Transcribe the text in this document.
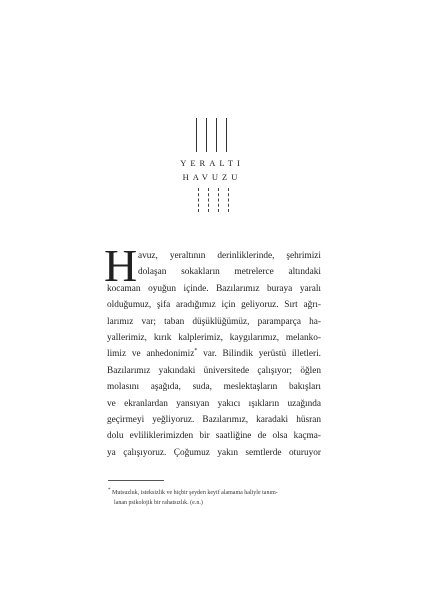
YERALTI
HAVUZU
H avuz, yeraltının derinliklerinde, şehrimizi
dolaşan sokakların metrelerce altındaki
kocaman oyuğun içinde. Bazılarımız buraya yaralı
olduğumuz, şifa aradığımız için geliyoruz. Sırt ağrı-
larımız var; taban düşüklüğümüz, paramparça ha-
yallerimiz, kırık kalplerimiz, kaygılarımız, melanko-
limiz ve anhedonimiz* var. Bilindik yerüstü illetleri.
Bazılarımız yakındaki üniversitede çalışıyor; öğlen
molasını aşağıda, suda, meslektaşların bakışları
ve ekranlardan yansıyan yakıcı ışıkların uzağında
geçirmeyi yeğliyoruz. Bazılarımız, karadaki hüsran
dolu evliliklerimizden bir saatliğine de olsa kaçma-
ya çalışıyoruz. Çoğumuz yakın semtlerde oturuyor
* Mutsuzluk, isteksizlik ve hiçbir şeyden keyif alamama haliyle tanım-
lanan psikolojik bir rahatsızlık. (e.n.)
